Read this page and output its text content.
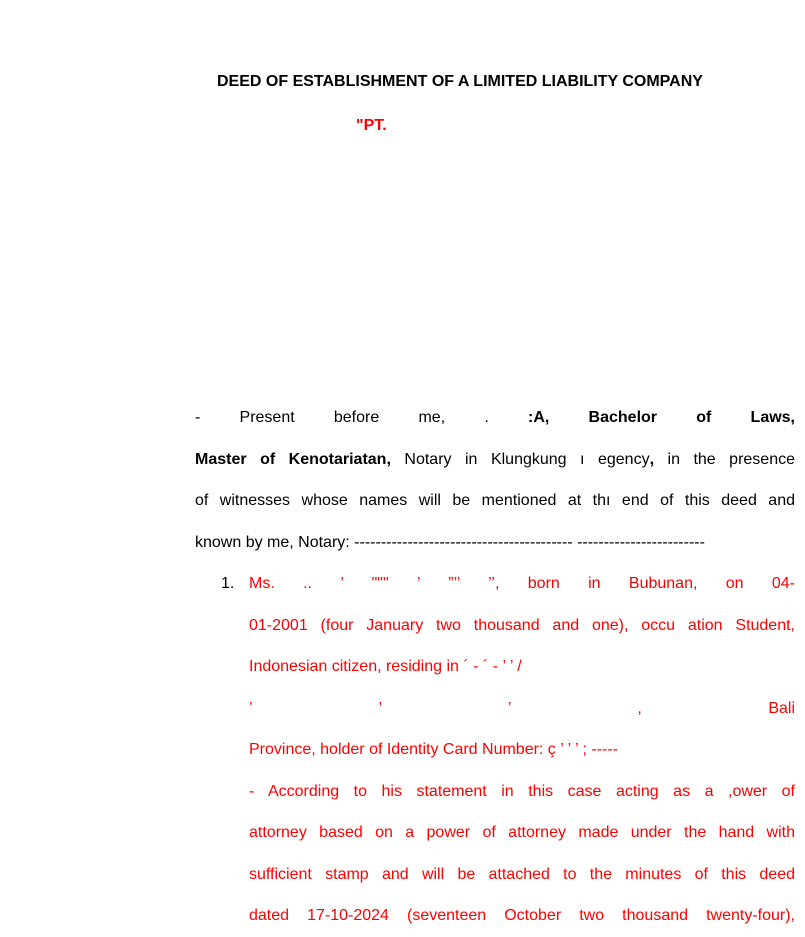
DEED OF ESTABLISHMENT OF A LIMITED LIABILITY COMPANY
"PT.
- Present before me, . :A, Bachelor of Laws,
Master of Kenotariatan, Notary in Klungkung ı egency, in the presence
of witnesses whose names will be mentioned at thı end of this deed and
known by me, Notary: ----------------------------------------- ------------------------
1. Ms. .. ’ """ ’ ”’’ ’’, born in Bubunan, on 04-
01-2001 (four January two thousand and one), occu ation Student,
Indonesian citizen, residing in ´ - ´ - ’ ’ /
’ ’ ’ , Bali
Province, holder of Identity Card Number: ç ’ ’ ’ ; -----
- According to his statement in this case acting as a ,ower of
attorney based on a power of attorney made under the hand with
sufficient stamp and will be attached to the minutes of this deed
dated 17-10-2024 (seventeen October two thousand twenty-four),
